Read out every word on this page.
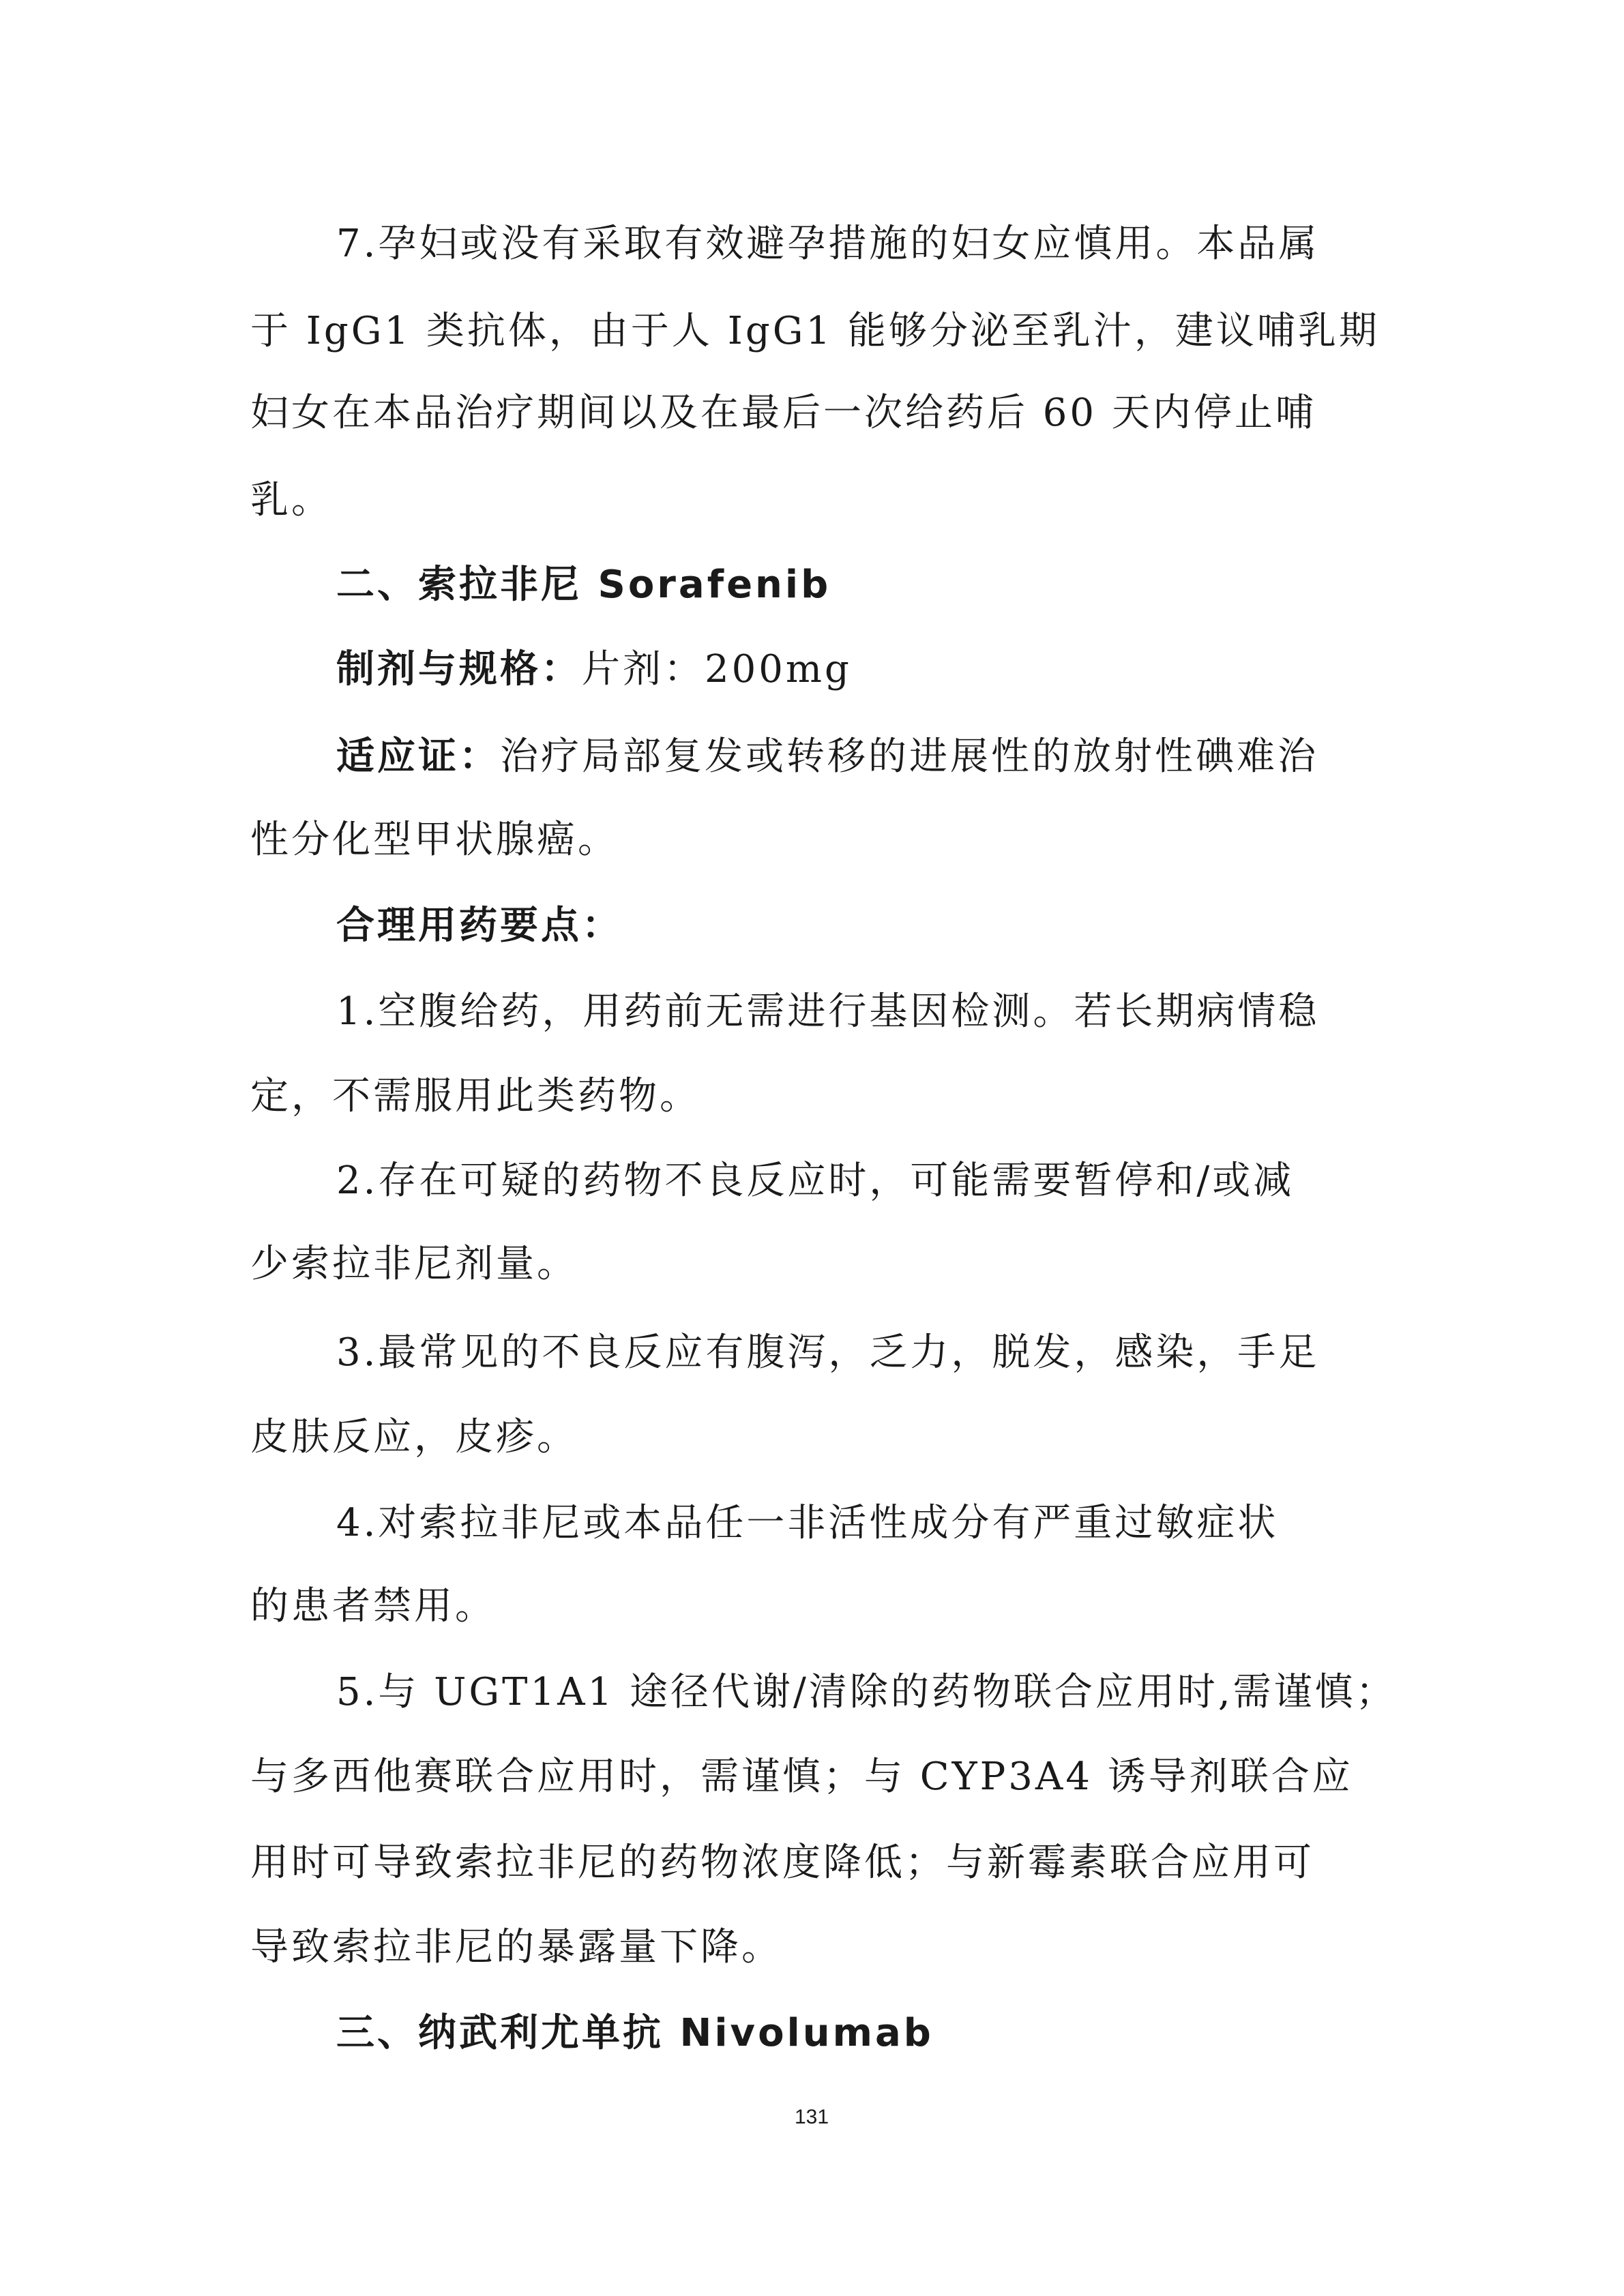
7.孕妇或没有采取有效避孕措施的妇女应慎用。本品属
于 IgG1 类抗体，由于人 IgG1 能够分泌至乳汁，建议哺乳期
妇女在本品治疗期间以及在最后一次给药后 60 天内停止哺
乳。
二、索拉非尼 Sorafenib
制剂与规格：片剂：200mg
适应证：治疗局部复发或转移的进展性的放射性碘难治
性分化型甲状腺癌。
合理用药要点：
1.空腹给药，用药前无需进行基因检测。若长期病情稳
定，不需服用此类药物。
2.存在可疑的药物不良反应时，可能需要暂停和/或减
少索拉非尼剂量。
3.最常见的不良反应有腹泻，乏力，脱发，感染，手足
皮肤反应，皮疹。
4.对索拉非尼或本品任一非活性成分有严重过敏症状
的患者禁用。
5.与 UGT1A1 途径代谢/清除的药物联合应用时,需谨慎；
与多西他赛联合应用时，需谨慎；与 CYP3A4 诱导剂联合应
用时可导致索拉非尼的药物浓度降低；与新霉素联合应用可
导致索拉非尼的暴露量下降。
三、纳武利尤单抗 Nivolumab
131
